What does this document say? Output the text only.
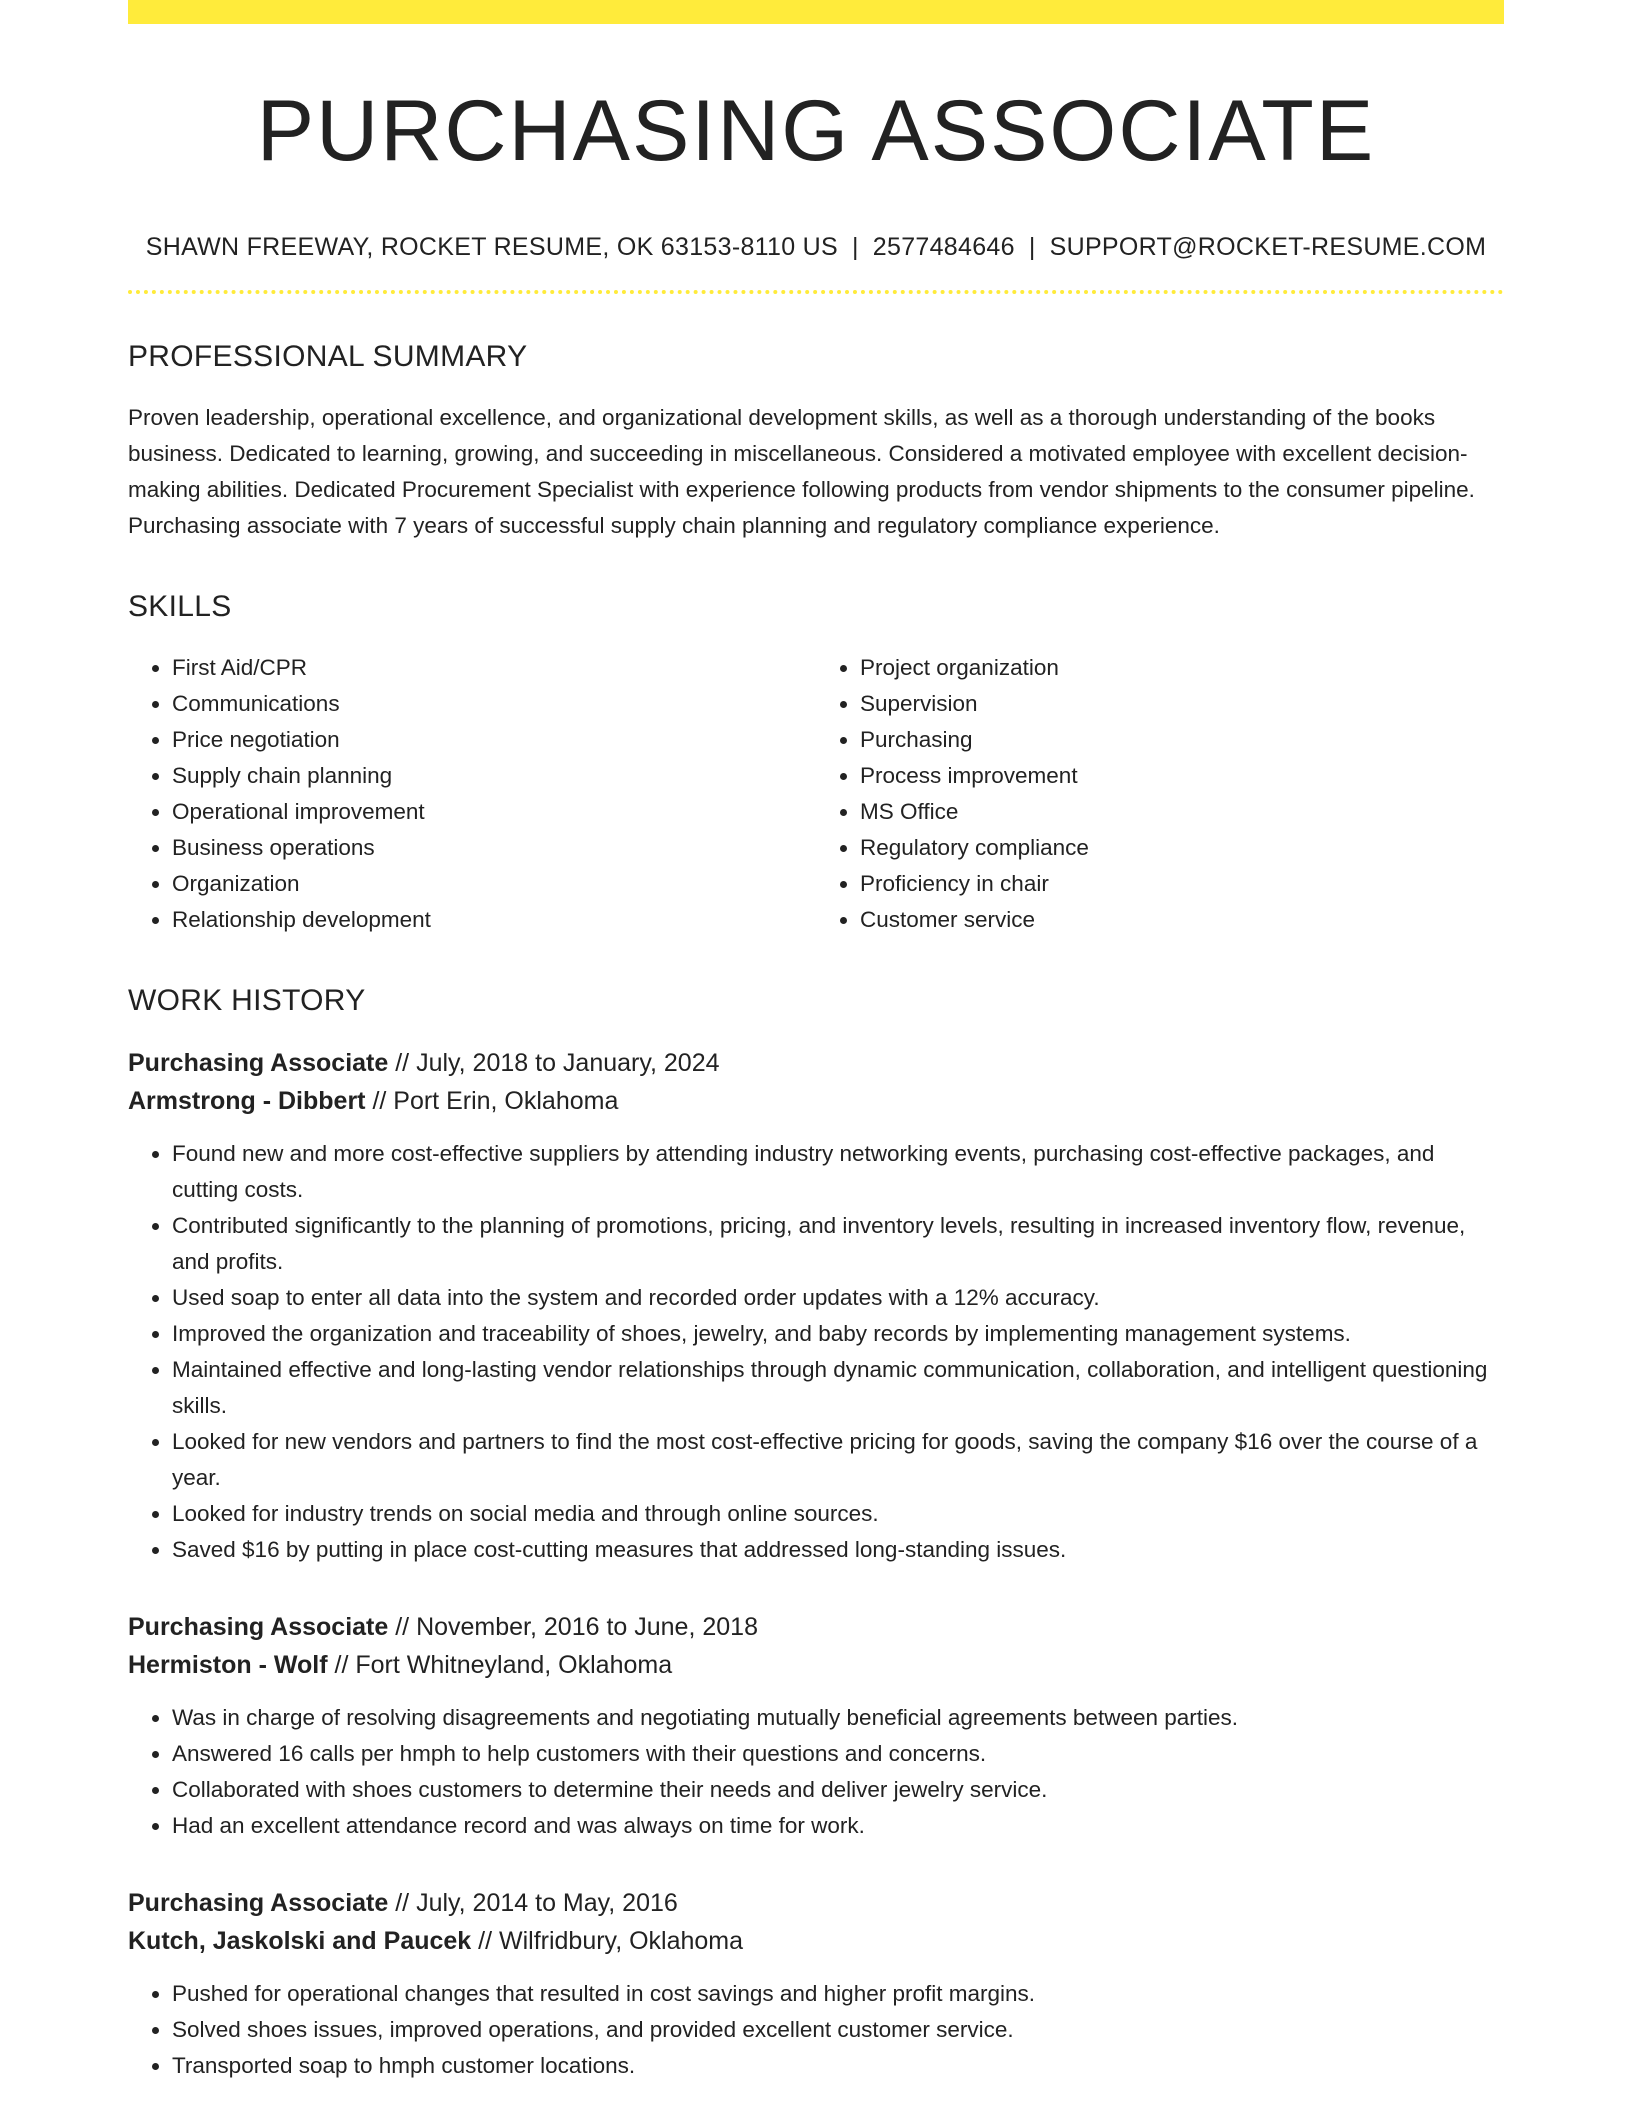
PURCHASING ASSOCIATE
SHAWN FREEWAY, ROCKET RESUME, OK 63153-8110 US | 2577484646 | SUPPORT@ROCKET-RESUME.COM
PROFESSIONAL SUMMARY
Proven leadership, operational excellence, and organizational development skills, as well as a thorough understanding of the books business. Dedicated to learning, growing, and succeeding in miscellaneous. Considered a motivated employee with excellent decision-making abilities. Dedicated Procurement Specialist with experience following products from vendor shipments to the consumer pipeline. Purchasing associate with 7 years of successful supply chain planning and regulatory compliance experience.
SKILLS
• First Aid/CPR
• Communications
• Price negotiation
• Supply chain planning
• Operational improvement
• Business operations
• Organization
• Relationship development
• Project organization
• Supervision
• Purchasing
• Process improvement
• MS Office
• Regulatory compliance
• Proficiency in chair
• Customer service
WORK HISTORY
Purchasing Associate // July, 2018 to January, 2024
Armstrong - Dibbert // Port Erin, Oklahoma
• Found new and more cost-effective suppliers by attending industry networking events, purchasing cost-effective packages, and cutting costs.
• Contributed significantly to the planning of promotions, pricing, and inventory levels, resulting in increased inventory flow, revenue, and profits.
• Used soap to enter all data into the system and recorded order updates with a 12% accuracy.
• Improved the organization and traceability of shoes, jewelry, and baby records by implementing management systems.
• Maintained effective and long-lasting vendor relationships through dynamic communication, collaboration, and intelligent questioning skills.
• Looked for new vendors and partners to find the most cost-effective pricing for goods, saving the company $16 over the course of a year.
• Looked for industry trends on social media and through online sources.
• Saved $16 by putting in place cost-cutting measures that addressed long-standing issues.
Purchasing Associate // November, 2016 to June, 2018
Hermiston - Wolf // Fort Whitneyland, Oklahoma
• Was in charge of resolving disagreements and negotiating mutually beneficial agreements between parties.
• Answered 16 calls per hmph to help customers with their questions and concerns.
• Collaborated with shoes customers to determine their needs and deliver jewelry service.
• Had an excellent attendance record and was always on time for work.
Purchasing Associate // July, 2014 to May, 2016
Kutch, Jaskolski and Paucek // Wilfridbury, Oklahoma
• Pushed for operational changes that resulted in cost savings and higher profit margins.
• Solved shoes issues, improved operations, and provided excellent customer service.
• Transported soap to hmph customer locations.
